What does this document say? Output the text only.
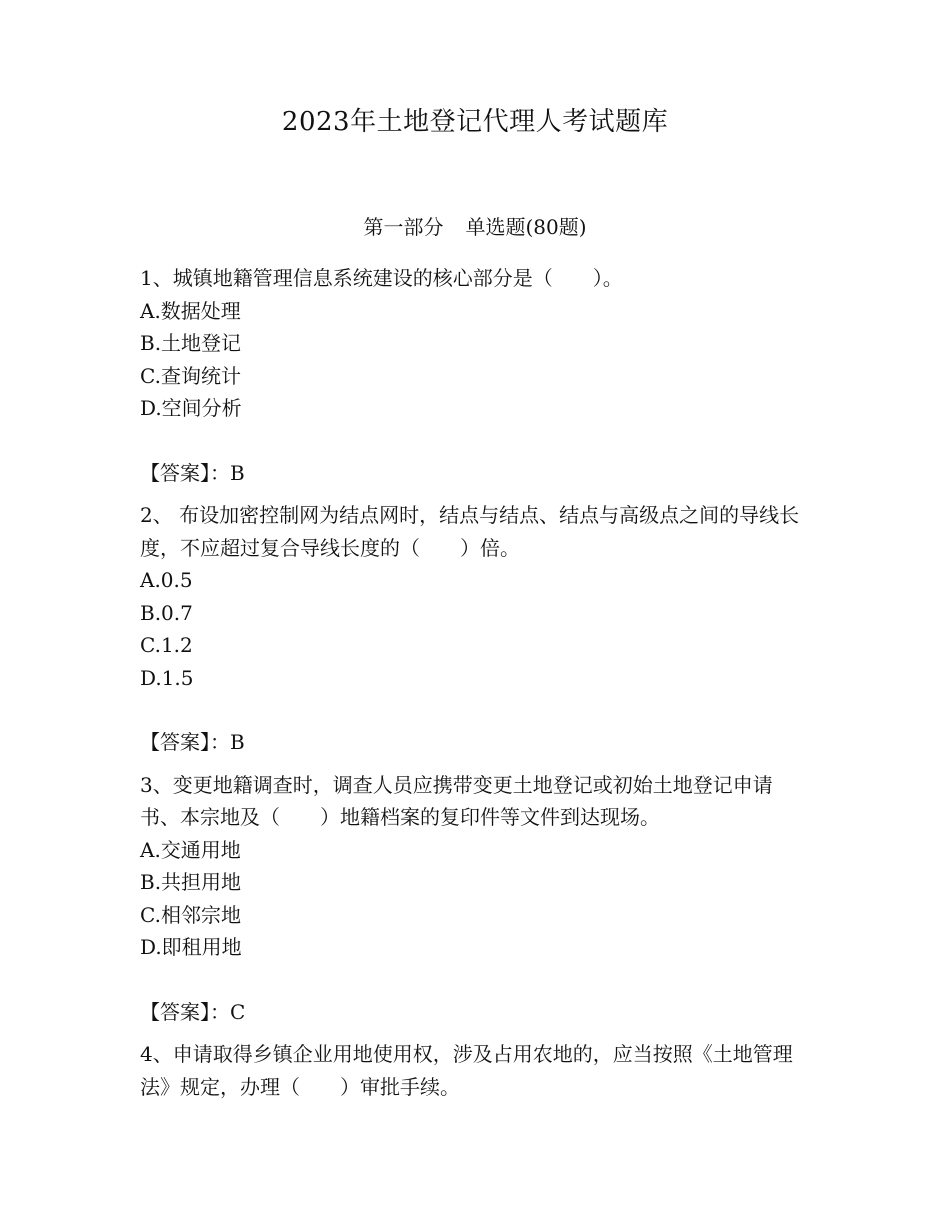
2023年土地登记代理人考试题库
第一部分 单选题(80题)

1、城镇地籍管理信息系统建设的核心部分是（　　）。

A.数据处理

B.土地登记

C.查询统计

D.空间分析

【答案】：B

2、 布设加密控制网为结点网时，结点与结点、结点与高级点之间的导线长度，不应超过复合导线长度的（　　）倍。

A.0.5

B.0.7

C.1.2

D.1.5

【答案】：B

3、变更地籍调查时，调查人员应携带变更土地登记或初始土地登记申请书、本宗地及（　　）地籍档案的复印件等文件到达现场。

A.交通用地

B.共担用地

C.相邻宗地

D.即租用地

【答案】：C

4、申请取得乡镇企业用地使用权，涉及占用农地的，应当按照《土地管理法》规定，办理（　　）审批手续。
